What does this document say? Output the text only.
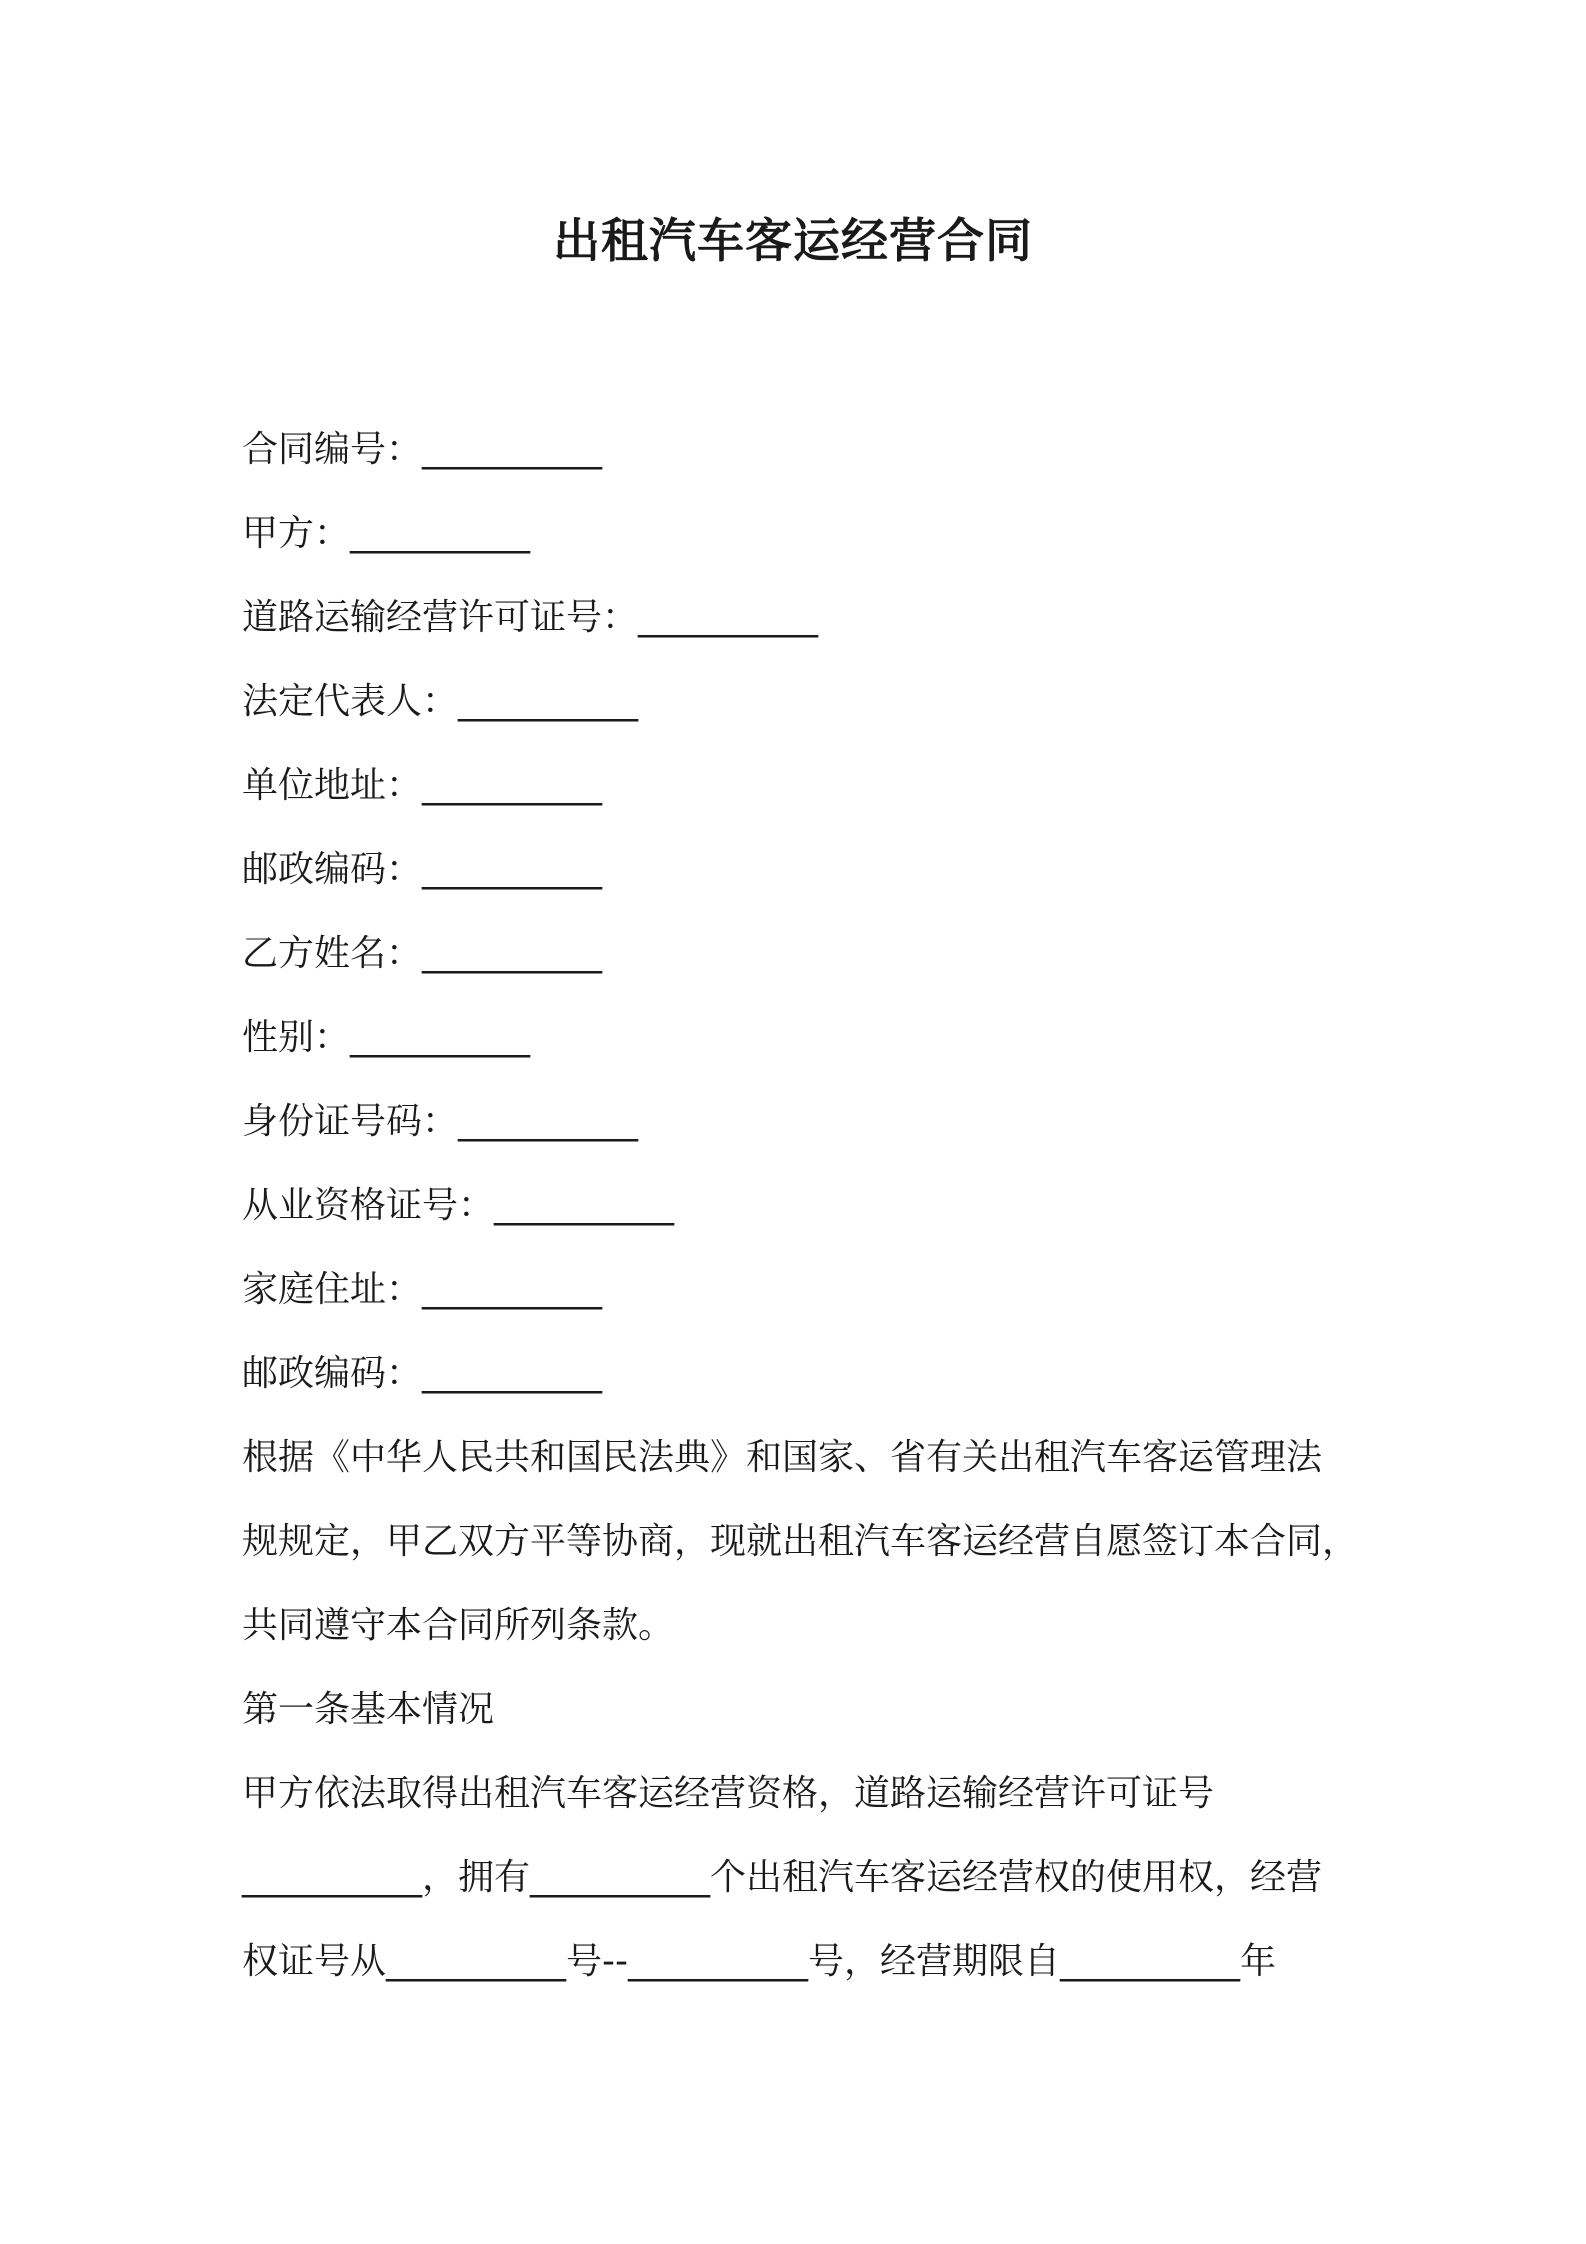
出租汽车客运经营合同
合同编号：__________
甲方：__________
道路运输经营许可证号：__________
法定代表人：__________
单位地址：__________
邮政编码：__________
乙方姓名：__________
性别：__________
身份证号码：__________
从业资格证号：__________
家庭住址：__________
邮政编码：__________
根据《中华人民共和国民法典》和国家、省有关出租汽车客运管理法
规规定，甲乙双方平等协商，现就出租汽车客运经营自愿签订本合同，
共同遵守本合同所列条款。
第一条基本情况
甲方依法取得出租汽车客运经营资格，道路运输经营许可证号
__________，拥有__________个出租汽车客运经营权的使用权，经营
权证号从__________号--__________号，经营期限自__________年
